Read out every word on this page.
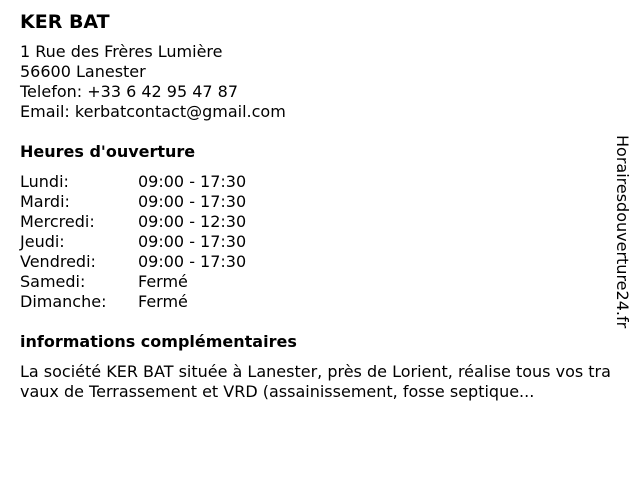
KER BAT
1 Rue des Frères Lumière
56600 Lanester
Telefon: +33 6 42 95 47 87
Email: kerbatcontact@gmail.com
Heures d'ouverture
Lundi:	09:00 - 17:30
Mardi:	09:00 - 17:30
Mercredi:	09:00 - 12:30
Jeudi:	09:00 - 17:30
Vendredi:	09:00 - 17:30
Samedi:	Fermé
Dimanche:	Fermé
informations complémentaires
La société KER BAT située à Lanester, près de Lorient, réalise tous vos travaux de Terrassement et VRD (assainissement, fosse septique...
Horairesdouverture24.fr
